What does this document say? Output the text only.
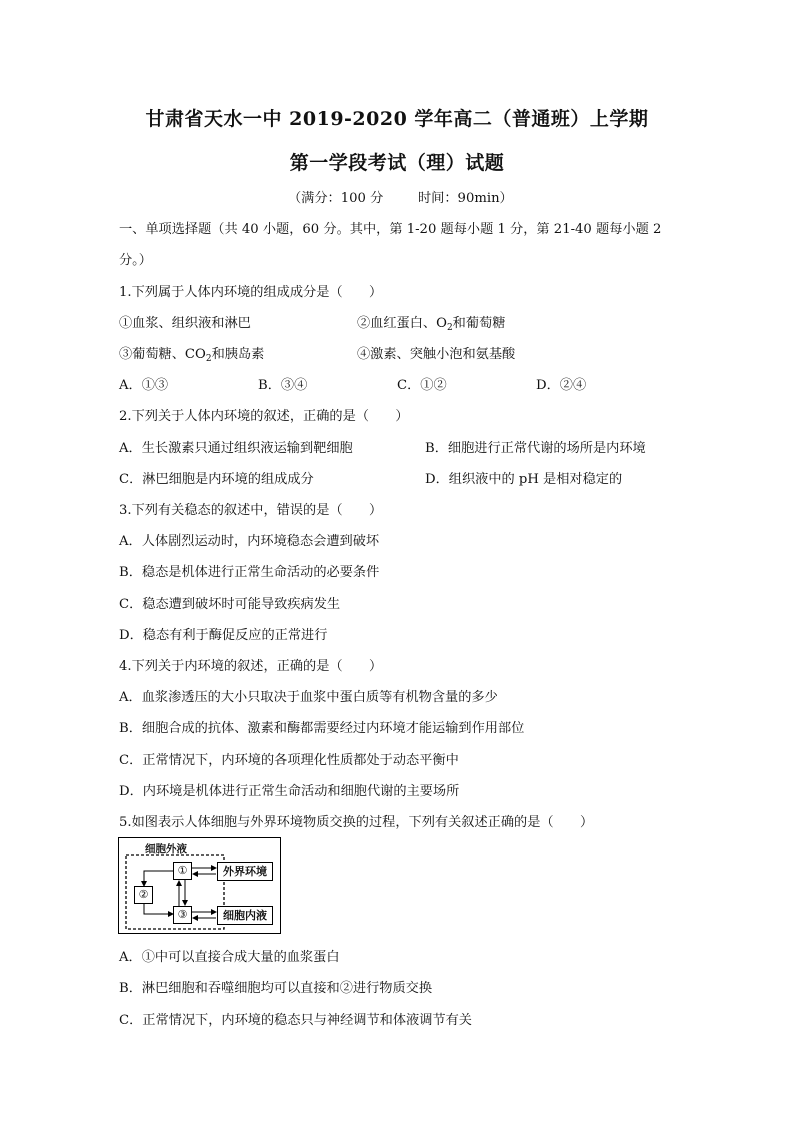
甘肃省天水一中 2019-2020 学年高二（普通班）上学期
第一学段考试（理）试题
（满分：100 分	时间：90min）
一、单项选择题（共 40 小题，60 分。其中，第 1-20 题每小题 1 分，第 21-40 题每小题 2
分。）
1.下列属于人体内环境的组成成分是（　　）
①血浆、组织液和淋巴	②血红蛋白、$O_2$和葡萄糖
③葡萄糖、$CO_2$和胰岛素	④激素、突触小泡和氨基酸
A．①③	B．③④	C．①②	D．②④
2.下列关于人体内环境的叙述，正确的是（　　）
A．生长激素只通过组织液运输到靶细胞	B．细胞进行正常代谢的场所是内环境
C．淋巴细胞是内环境的组成成分	D．组织液中的 pH 是相对稳定的
3.下列有关稳态的叙述中，错误的是（　　）
A．人体剧烈运动时，内环境稳态会遭到破坏
B．稳态是机体进行正常生命活动的必要条件
C．稳态遭到破坏时可能导致疾病发生
D．稳态有利于酶促反应的正常进行
4.下列关于内环境的叙述，正确的是（　　）
A．血浆渗透压的大小只取决于血浆中蛋白质等有机物含量的多少
B．细胞合成的抗体、激素和酶都需要经过内环境才能运输到作用部位
C．正常情况下，内环境的各项理化性质都处于动态平衡中
D．内环境是机体进行正常生命活动和细胞代谢的主要场所
5.如图表示人体细胞与外界环境物质交换的过程，下列有关叙述正确的是（　　）
细胞外液
①
②
③
外界环境
细胞内液
A．①中可以直接合成大量的血浆蛋白
B．淋巴细胞和吞噬细胞均可以直接和②进行物质交换
C．正常情况下，内环境的稳态只与神经调节和体液调节有关
